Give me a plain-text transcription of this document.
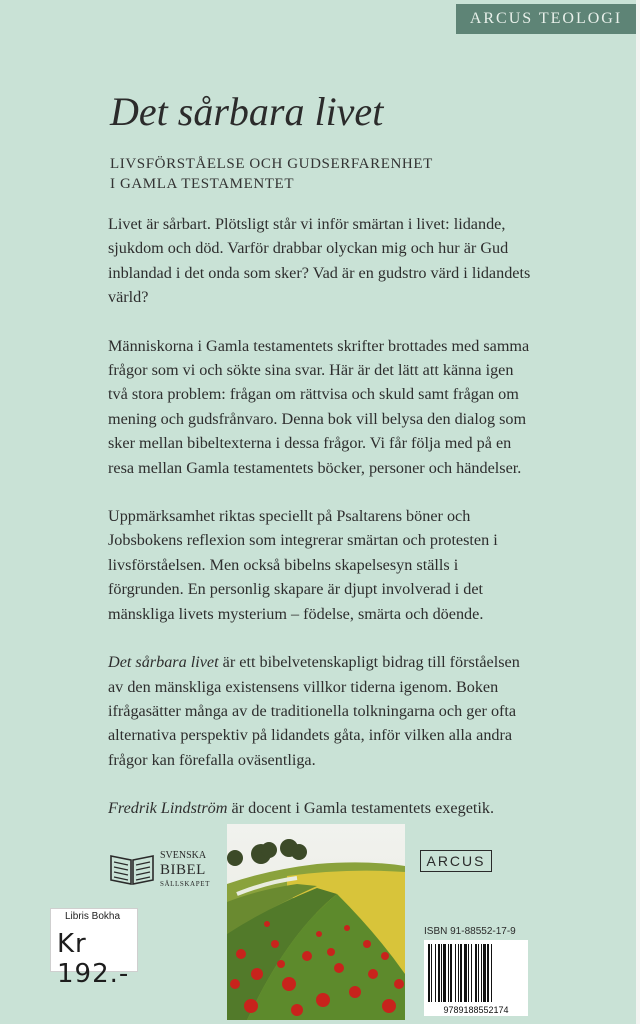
ARCUS TEOLOGI
Det sårbara livet
LIVSFÖRSTÅELSE OCH GUDSERFARENHET
I GAMLA TESTAMENTET

Livet är sårbart. Plötsligt står vi inför smärtan i livet: lidande, sjukdom och död. Varför drabbar olyckan mig och hur är Gud inblandad i det onda som sker? Vad är en gudstro värd i lidandets värld?

Människorna i Gamla testamentets skrifter brottades med samma frågor som vi och sökte sina svar. Här är det lätt att känna igen två stora problem: frågan om rättvisa och skuld samt frågan om mening och gudsfrånvaro. Denna bok vill belysa den dialog som sker mellan bibeltexterna i dessa frågor. Vi får följa med på en resa mellan Gamla testamentets böcker, personer och händelser.

Uppmärksamhet riktas speciellt på Psaltarens böner och Jobsbokens reflexion som integrerar smärtan och protesten i livsförståelsen. Men också bibelns skapelsesyn ställs i förgrunden. En personlig skapare är djupt involverad i det mänskliga livets mysterium – födelse, smärta och döende.

Det sårbara livet är ett bibelvetenskapligt bidrag till förståelsen av den mänskliga existensens villkor tiderna igenom. Boken ifrågasätter många av de traditionella tolkningarna och ger ofta alternativa perspektiv på lidandets gåta, inför vilken alla andra frågor kan förefalla oväsentliga.

Fredrik Lindström är docent i Gamla testamentets exegetik.

SVENSKA
BIBEL
SÄLLSKAPET
ARCUS
ISBN 91-88552-17-9
9789188552174
Libris Bokha
Kr 192.-
